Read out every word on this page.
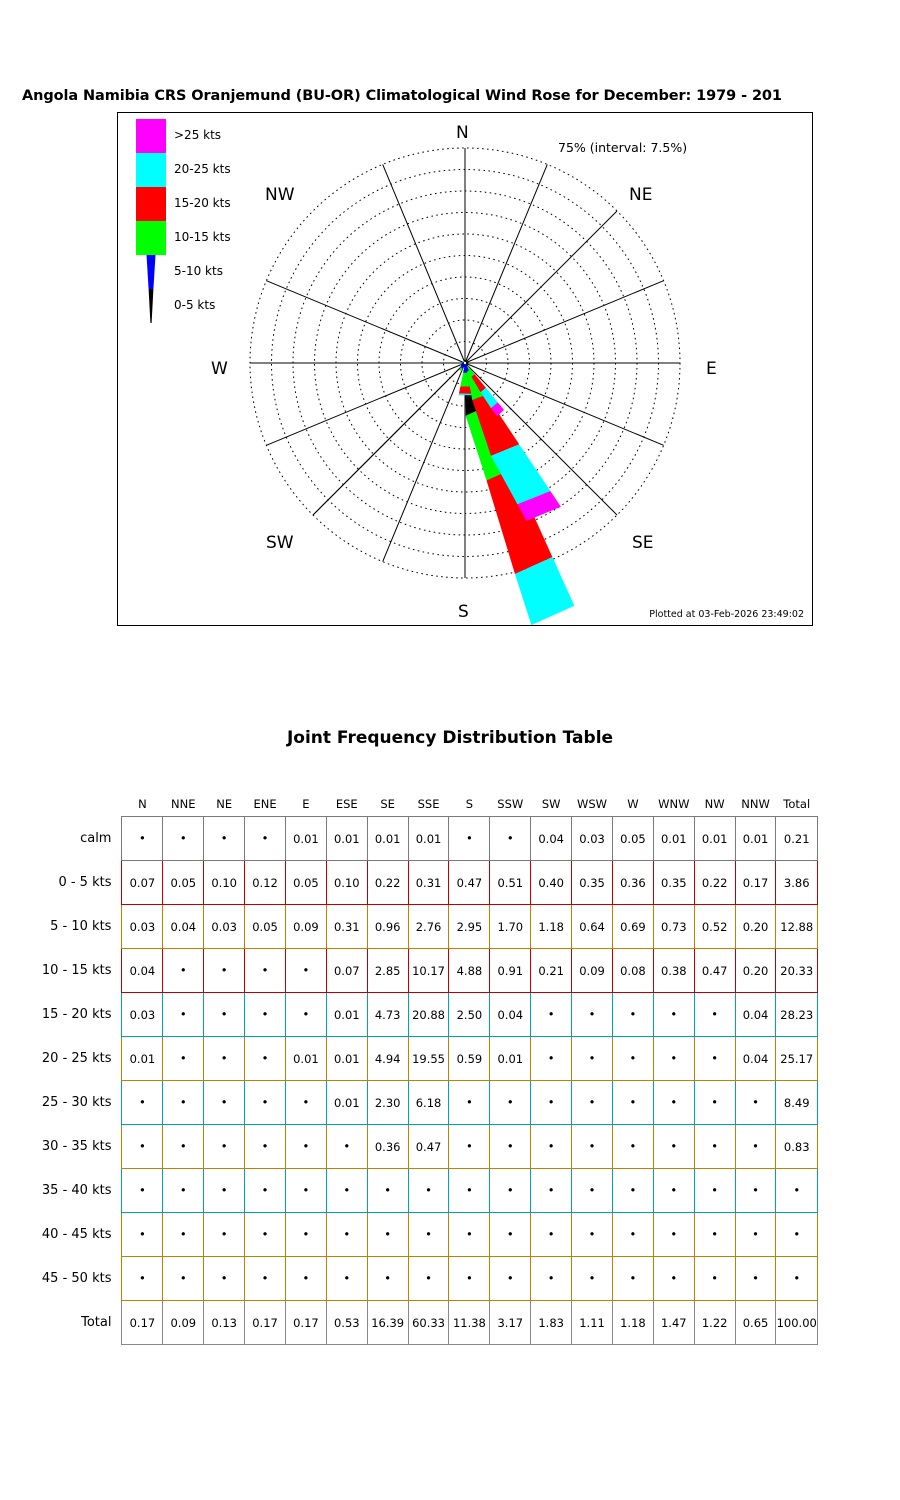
Angola Namibia CRS Oranjemund (BU-OR) Climatological Wind Rose for December: 1979 - 201
>25 kts
20-25 kts
15-20 kts
10-15 kts
5-10 kts
0-5 kts
N
NE
E
SE
S
SW
W
NW
75% (interval: 7.5%)
Plotted at 03-Feb-2026 23:49:02
Joint Frequency Distribution Table
	N	NNE	NE	ENE	E	ESE	SE	SSE	S	SSW	SW	WSW	W	WNW	NW	NNW	Total
calm	•	•	•	•	0.01	0.01	0.01	0.01	•	•	0.04	0.03	0.05	0.01	0.01	0.01	0.21
0 - 5 kts	0.07	0.05	0.10	0.12	0.05	0.10	0.22	0.31	0.47	0.51	0.40	0.35	0.36	0.35	0.22	0.17	3.86
5 - 10 kts	0.03	0.04	0.03	0.05	0.09	0.31	0.96	2.76	2.95	1.70	1.18	0.64	0.69	0.73	0.52	0.20	12.88
10 - 15 kts	0.04	•	•	•	•	0.07	2.85	10.17	4.88	0.91	0.21	0.09	0.08	0.38	0.47	0.20	20.33
15 - 20 kts	0.03	•	•	•	•	0.01	4.73	20.88	2.50	0.04	•	•	•	•	•	0.04	28.23
20 - 25 kts	0.01	•	•	•	0.01	0.01	4.94	19.55	0.59	0.01	•	•	•	•	•	0.04	25.17
25 - 30 kts	•	•	•	•	•	0.01	2.30	6.18	•	•	•	•	•	•	•	•	8.49
30 - 35 kts	•	•	•	•	•	•	0.36	0.47	•	•	•	•	•	•	•	•	0.83
35 - 40 kts	•	•	•	•	•	•	•	•	•	•	•	•	•	•	•	•	•
40 - 45 kts	•	•	•	•	•	•	•	•	•	•	•	•	•	•	•	•	•
45 - 50 kts	•	•	•	•	•	•	•	•	•	•	•	•	•	•	•	•	•
Total	0.17	0.09	0.13	0.17	0.17	0.53	16.39	60.33	11.38	3.17	1.83	1.11	1.18	1.47	1.22	0.65	100.00
